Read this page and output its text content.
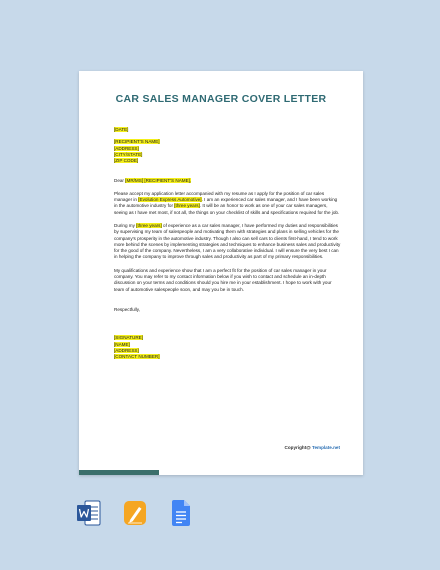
CAR SALES MANAGER COVER LETTER
[DATE]
[RECIPIENT'S NAME]
[ADDRESS]
[CITY/STATE]
[ZIP CODE]
Dear [MR/MS] [RECIPIENT'S NAME],

Please accept my application letter accompanied with my resume as I apply for the position of car sales manager in [Evolution Express Automotive]. I am an experienced car sales manager, and I have been working in the automotive industry for [three years]. It will be an honor to work as one of your car sales managers, seeing as I have met most, if not all, the things on your checklist of skills and specifications required for the job.

During my [three years] of experience as a car sales manager, I have performed my duties and responsibilities by supervising my team of salespeople and motivating them with strategies and plans in selling vehicles for the company's prosperity in the automotive industry. Though I also can sell cars to clients first-hand, I tend to work more behind the scenes by implementing strategies and techniques to enhance business sales and productivity for the good of the company. Nevertheless, I am a very collaborative individual. I will ensure the very best I can in helping the company to improve through sales and productivity as part of my primary responsibilities.

My qualifications and experience show that I am a perfect fit for the position of car sales manager in your company. You may refer to my contact information below if you wish to contact and schedule an in-depth discussion on your terms and conditions should you hire me in your establishment. I hope to work with your team of automotive salespeople soon, and may you be in touch.

Respectfully,
[SIGNATURE]
[NAME]
[ADDRESS]
[CONTACT NUMBER]
Copyright@ Template.net
